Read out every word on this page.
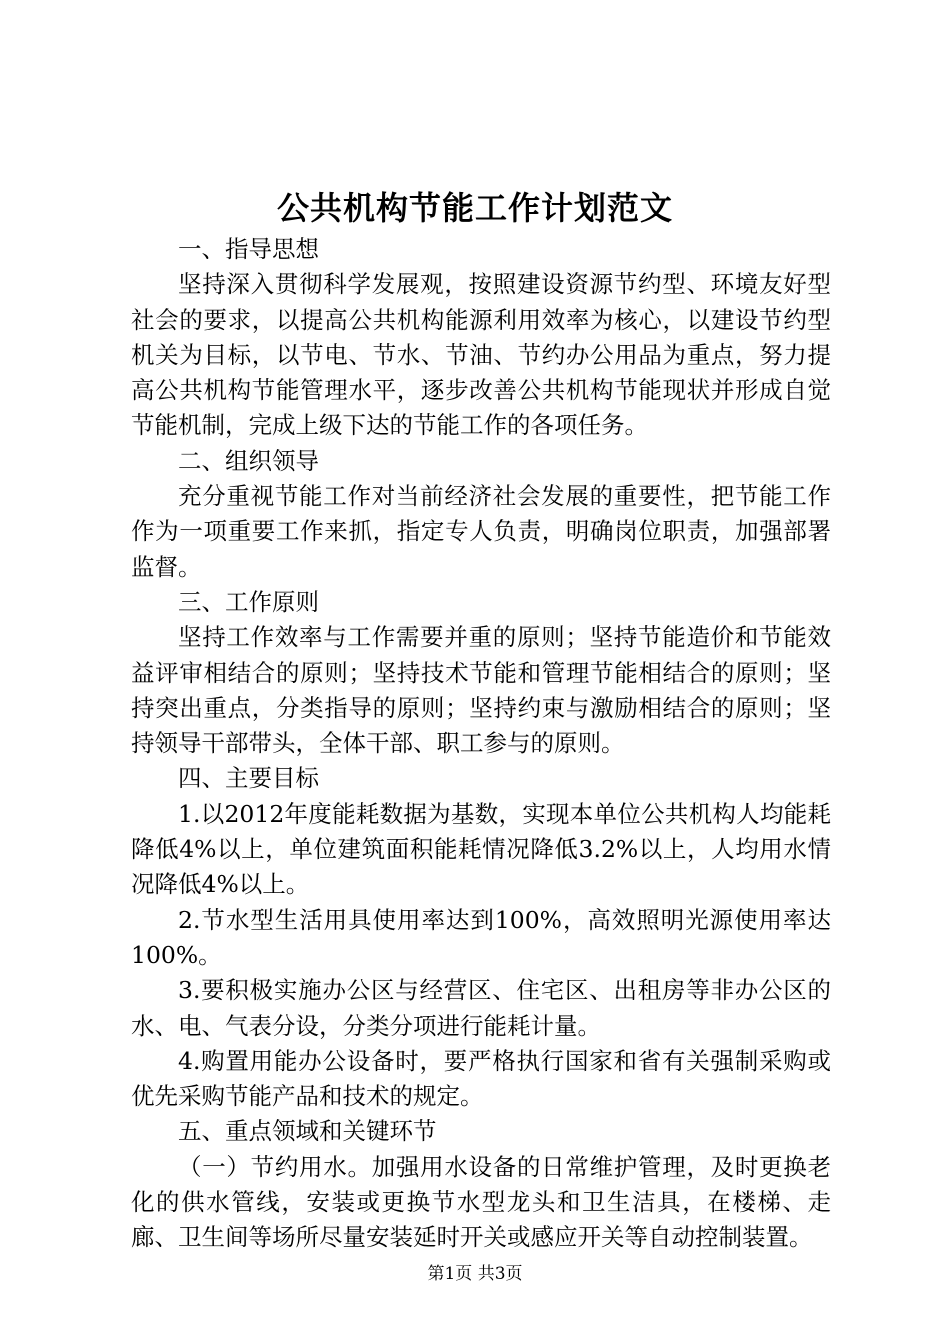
公共机构节能工作计划范文

一、指导思想

坚持深入贯彻科学发展观，按照建设资源节约型、环境友好型社会的要求，以提高公共机构能源利用效率为核心，以建设节约型机关为目标，以节电、节水、节油、节约办公用品为重点，努力提高公共机构节能管理水平，逐步改善公共机构节能现状并形成自觉节能机制，完成上级下达的节能工作的各项任务。

二、组织领导

充分重视节能工作对当前经济社会发展的重要性，把节能工作作为一项重要工作来抓，指定专人负责，明确岗位职责，加强部署监督。

三、工作原则

坚持工作效率与工作需要并重的原则；坚持节能造价和节能效益评审相结合的原则；坚持技术节能和管理节能相结合的原则；坚持突出重点，分类指导的原则；坚持约束与激励相结合的原则；坚持领导干部带头，全体干部、职工参与的原则。

四、主要目标

1.以2012年度能耗数据为基数，实现本单位公共机构人均能耗降低4%以上，单位建筑面积能耗情况降低3.2%以上，人均用水情况降低4%以上。

2.节水型生活用具使用率达到100%，高效照明光源使用率达100%。

3.要积极实施办公区与经营区、住宅区、出租房等非办公区的水、电、气表分设，分类分项进行能耗计量。

4.购置用能办公设备时，要严格执行国家和省有关强制采购或优先采购节能产品和技术的规定。

五、重点领域和关键环节

（一）节约用水。加强用水设备的日常维护管理，及时更换老化的供水管线，安装或更换节水型龙头和卫生洁具，在楼梯、走廊、卫生间等场所尽量安装延时开关或感应开关等自动控制装置。

第1页 共3页
